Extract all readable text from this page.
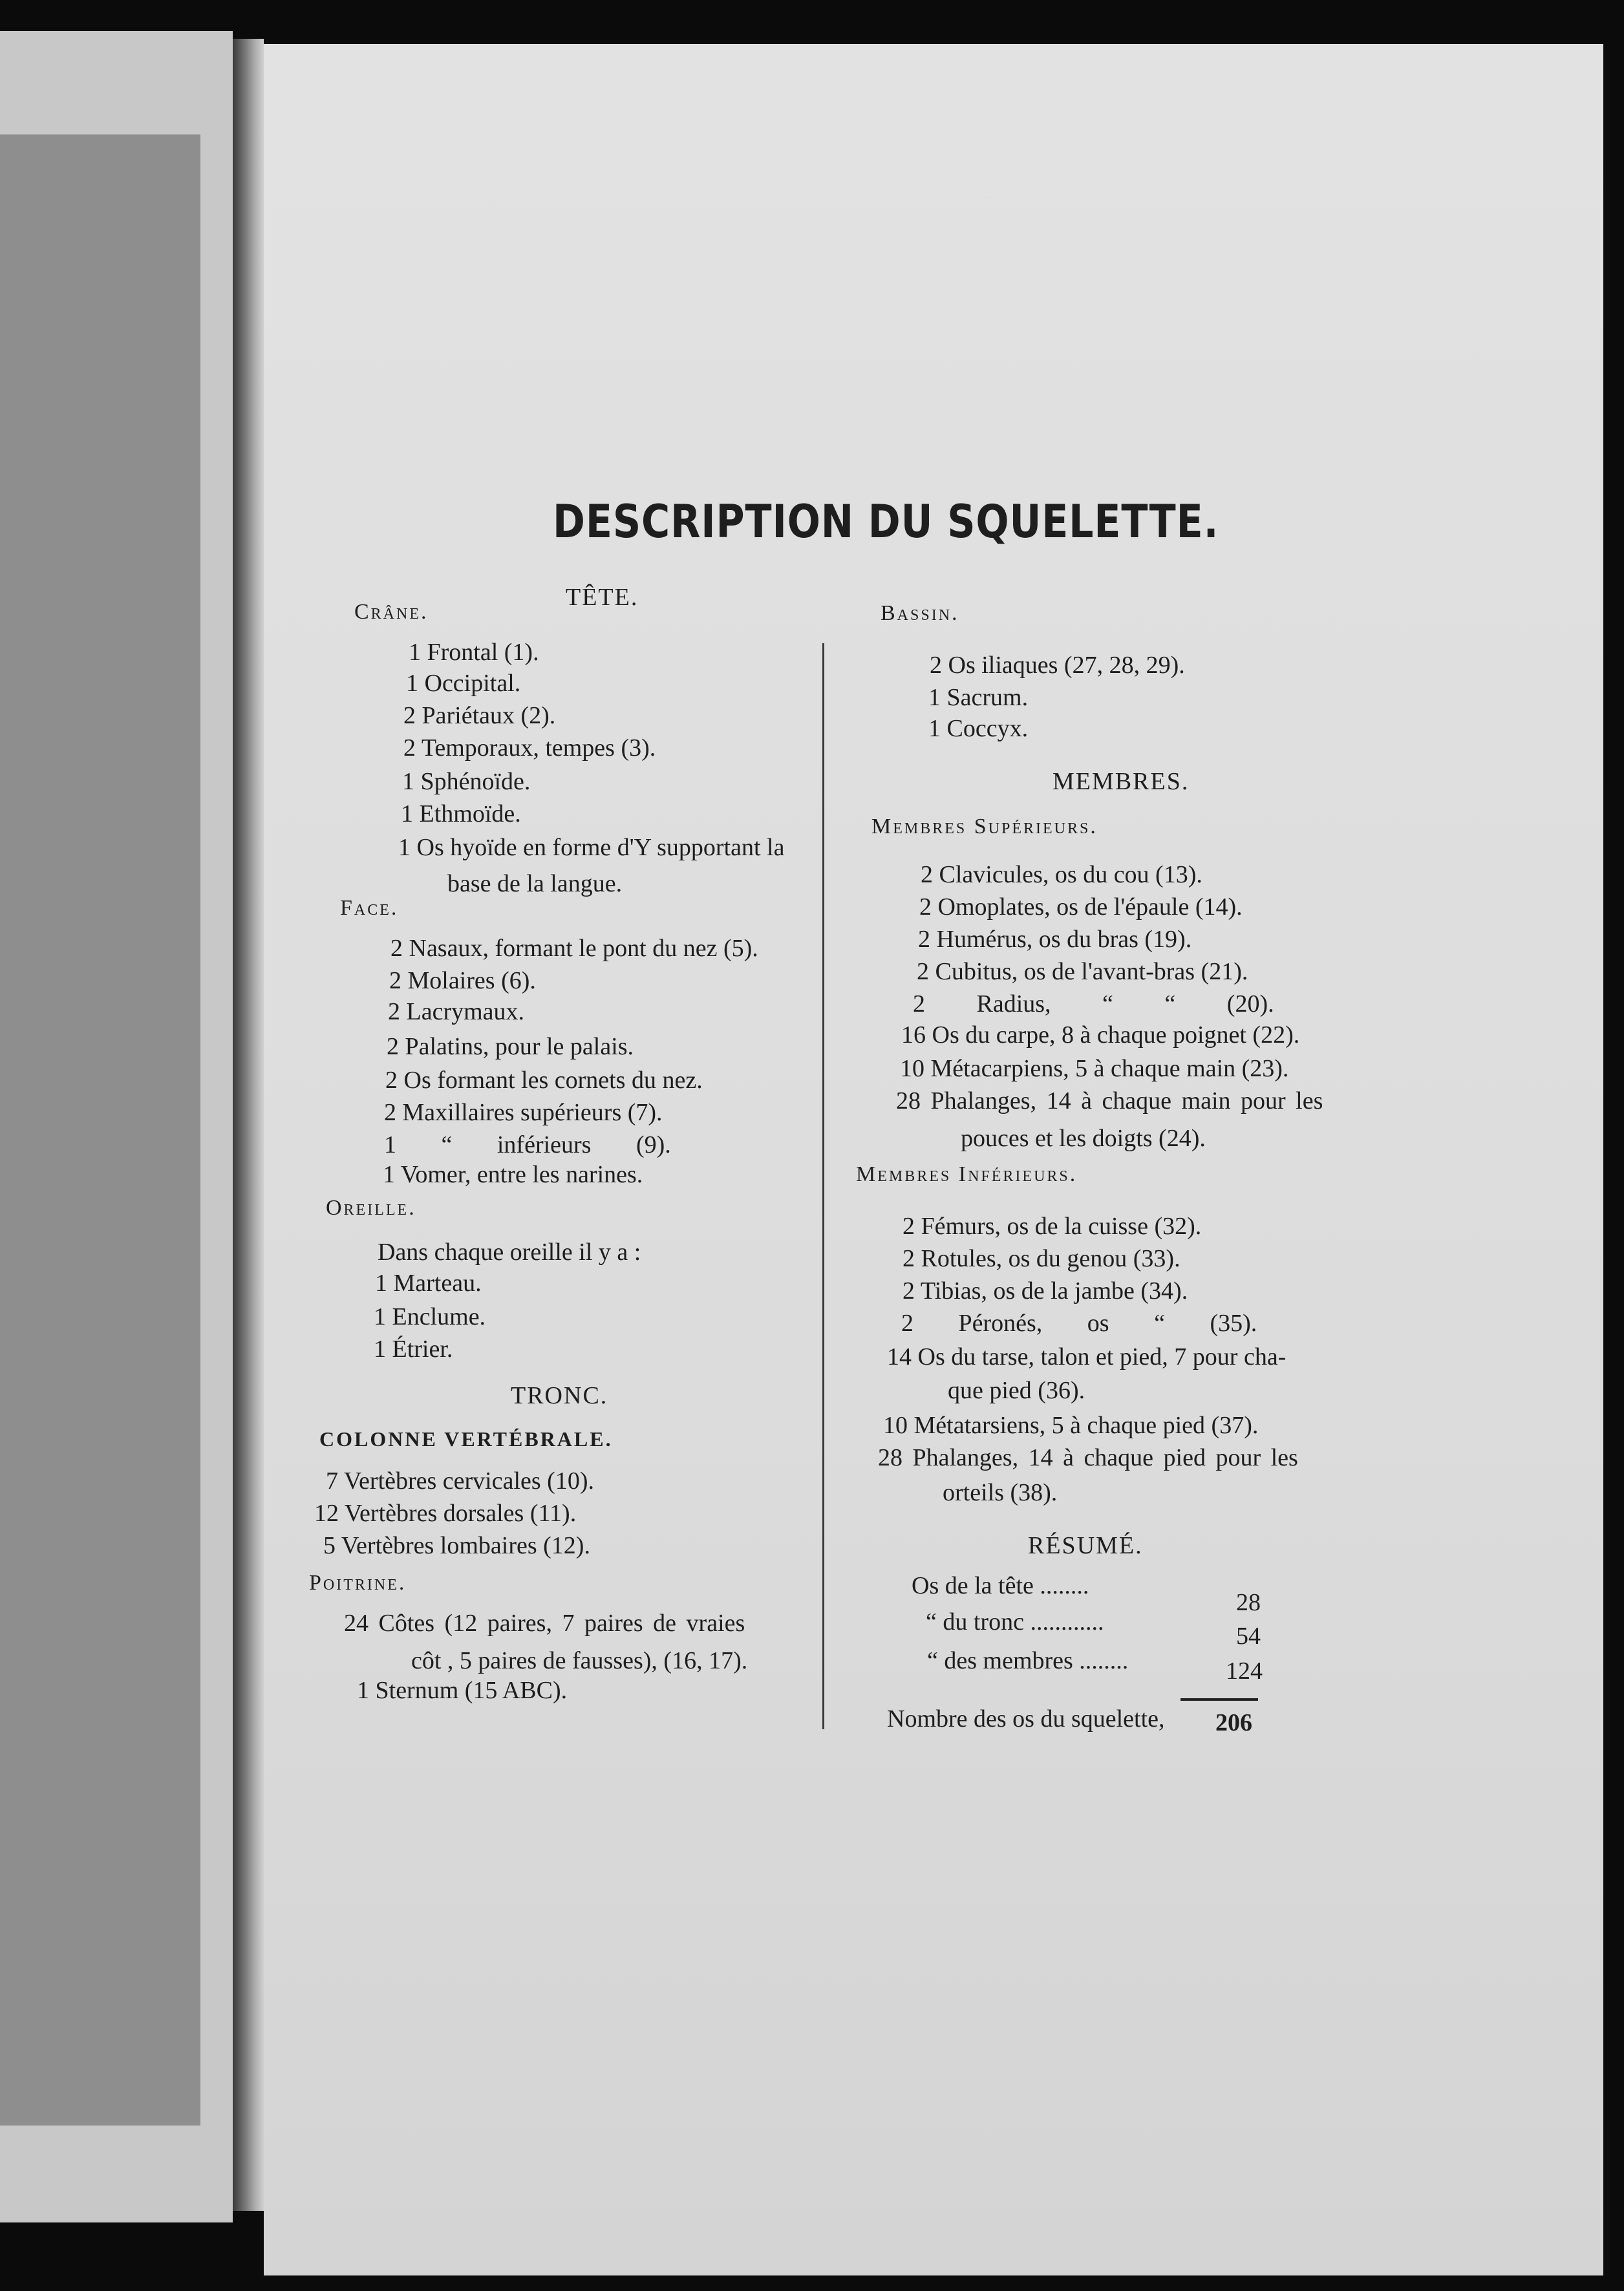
DESCRIPTION DU SQUELETTE.
TÊTE.
Crâne.
1 Frontal (1).
1 Occipital.
2 Pariétaux (2).
2 Temporaux, tempes (3).
1 Sphénoïde.
1 Ethmoïde.
1 Os hyoïde en forme d'Y supportant la
base de la langue.
Face.
2 Nasaux, formant le pont du nez (5).
2 Molaires (6).
2 Lacrymaux.
2 Palatins, pour le palais.
2 Os formant les cornets du nez.
2 Maxillaires supérieurs (7).
1 “ inférieurs (9).
1 Vomer, entre les narines.
Oreille.
Dans chaque oreille il y a :
1 Marteau.
1 Enclume.
1 Étrier.
TRONC.
COLONNE VERTÉBRALE.
7 Vertèbres cervicales (10).
12 Vertèbres dorsales (11).
5 Vertèbres lombaires (12).
Poitrine.
24 Côtes (12 paires, 7 paires de vraies
côt , 5 paires de fausses), (16, 17).
1 Sternum (15 ABC).
Bassin.
2 Os iliaques (27, 28, 29).
1 Sacrum.
1 Coccyx.
MEMBRES.
Membres Supérieurs.
2 Clavicules, os du cou (13).
2 Omoplates, os de l'épaule (14).
2 Humérus, os du bras (19).
2 Cubitus, os de l'avant-bras (21).
2 Radius, “ “ (20).
16 Os du carpe, 8 à chaque poignet (22).
10 Métacarpiens, 5 à chaque main (23).
28 Phalanges, 14 à chaque main pour les
pouces et les doigts (24).
Membres Inférieurs.
2 Fémurs, os de la cuisse (32).
2 Rotules, os du genou (33).
2 Tibias, os de la jambe (34).
2 Péronés, os “ (35).
14 Os du tarse, talon et pied, 7 pour cha-
que pied (36).
10 Métatarsiens, 5 à chaque pied (37).
28 Phalanges, 14 à chaque pied pour les
orteils (38).
RÉSUMÉ.
Os de la tête ........
28
“ du tronc ............
54
“ des membres ........	124
Nombre des os du squelette, 206
